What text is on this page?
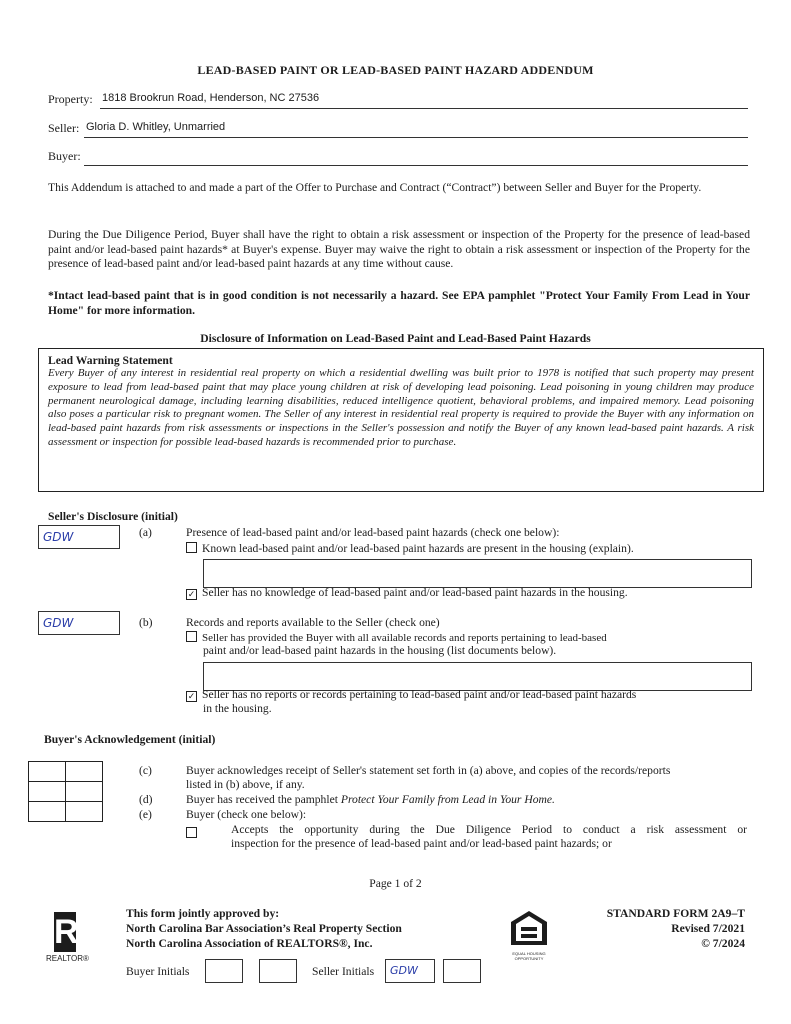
LEAD-BASED PAINT OR LEAD-BASED PAINT HAZARD ADDENDUM
Property: 1818 Brookrun Road, Henderson, NC 27536
Seller: Gloria D. Whitley, Unmarried
Buyer:
This Addendum is attached to and made a part of the Offer to Purchase and Contract (“Contract”) between Seller and Buyer for the Property.
During the Due Diligence Period, Buyer shall have the right to obtain a risk assessment or inspection of the Property for the presence of lead-based paint and/or lead-based paint hazards* at Buyer's expense. Buyer may waive the right to obtain a risk assessment or inspection of the Property for the presence of lead-based paint and/or lead-based paint hazards at any time without cause.
*Intact lead-based paint that is in good condition is not necessarily a hazard. See EPA pamphlet "Protect Your Family From Lead in Your Home" for more information.
Disclosure of Information on Lead-Based Paint and Lead-Based Paint Hazards
Lead Warning Statement
Every Buyer of any interest in residential real property on which a residential dwelling was built prior to 1978 is notified that such property may present exposure to lead from lead-based paint that may place young children at risk of developing lead poisoning. Lead poisoning in young children may produce permanent neurological damage, including learning disabilities, reduced intelligence quotient, behavioral problems, and impaired memory. Lead poisoning also poses a particular risk to pregnant women. The Seller of any interest in residential real property is required to provide the Buyer with any information on lead-based paint hazards from risk assessments or inspections in the Seller's possession and notify the Buyer of any known lead-based paint hazards. A risk assessment or inspection for possible lead-based hazards is recommended prior to purchase.
Seller's Disclosure (initial)
GDW	(a)	Presence of lead-based paint and/or lead-based paint hazards (check one below):
Known lead-based paint and/or lead-based paint hazards are present in the housing (explain).
✓ Seller has no knowledge of lead-based paint and/or lead-based paint hazards in the housing.
GDW	(b)	Records and reports available to the Seller (check one)
Seller has provided the Buyer with all available records and reports pertaining to lead-based
paint and/or lead-based paint hazards in the housing (list documents below).
✓ Seller has no reports or records pertaining to lead-based paint and/or lead-based paint hazards
in the housing.
Buyer's Acknowledgement (initial)

(c)	Buyer acknowledges receipt of Seller's statement set forth in (a) above, and copies of the records/reports
listed in (b) above, if any.
(d)	Buyer has received the pamphlet Protect Your Family from Lead in Your Home.
(e)	Buyer (check one below):
Accepts the opportunity during the Due Diligence Period to conduct a risk assessment or
inspection for the presence of lead-based paint and/or lead-based paint hazards; or
Page 1 of 2
R
REALTOR®
This form jointly approved by:
North Carolina Bar Association’s Real Property Section
North Carolina Association of REALTORS®, Inc.
EQUAL HOUSING OPPORTUNITY
STANDARD FORM 2A9–T
Revised 7/2021
© 7/2024
Buyer Initials	Seller Initials GDW
